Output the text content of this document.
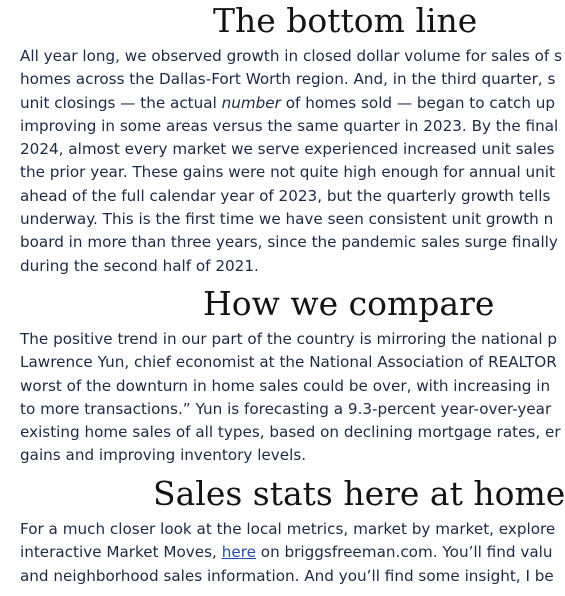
The bottom line
All year long, we observed growth in closed dollar volume for sales of s
homes across the Dallas-Fort Worth region. And, in the third quarter, s
unit closings — the actual number of homes sold — began to catch up
improving in some areas versus the same quarter in 2023. By the final
2024, almost every market we serve experienced increased unit sales
the prior year. These gains were not quite high enough for annual unit
ahead of the full calendar year of 2023, but the quarterly growth tells
underway. This is the first time we have seen consistent unit growth n
board in more than three years, since the pandemic sales surge finally
during the second half of 2021.
How we compare
The positive trend in our part of the country is mirroring the national p
Lawrence Yun, chief economist at the National Association of REALTOR
worst of the downturn in home sales could be over, with increasing in
to more transactions.” Yun is forecasting a 9.3-percent year-over-year
existing home sales of all types, based on declining mortgage rates, er
gains and improving inventory levels.
Sales stats here at home
For a much closer look at the local metrics, market by market, explore
interactive Market Moves, here on briggsfreeman.com. You’ll find valu
and neighborhood sales information. And you’ll find some insight, I be
